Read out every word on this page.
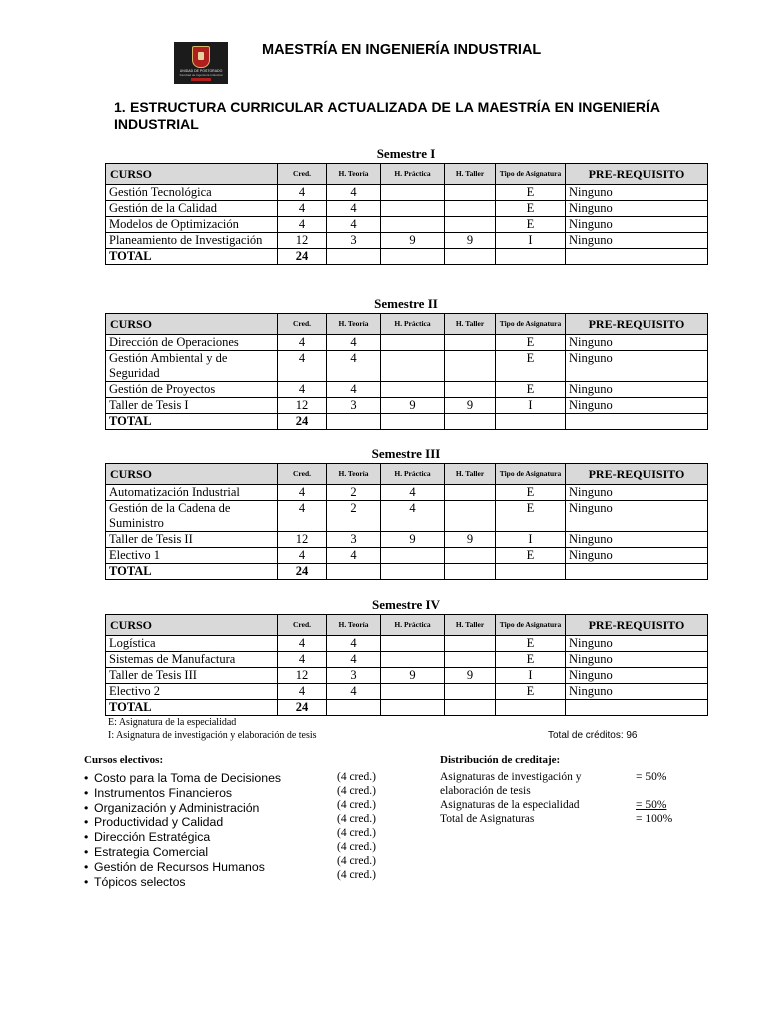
UNIDAD DE POSTGRADO
Facultad de Ingeniería Industrial
MAESTRÍA EN INGENIERÍA INDUSTRIAL
1. ESTRUCTURA CURRICULAR ACTUALIZADA DE LA MAESTRÍA EN INGENIERÍA INDUSTRIAL
Semestre I
CURSO	Cred.	H. Teoría	H. Práctica	H. Taller	Tipo de Asignatura	PRE-REQUISITO
Gestión Tecnológica	4	4			E	Ninguno
Gestión de la Calidad	4	4			E	Ninguno
Modelos de Optimización	4	4			E	Ninguno
Planeamiento de Investigación	12	3	9	9	I	Ninguno
TOTAL	24					
Semestre II
CURSO	Cred.	H. Teoría	H. Práctica	H. Taller	Tipo de Asignatura	PRE-REQUISITO
Dirección de Operaciones	4	4			E	Ninguno
Gestión Ambiental y de Seguridad	4	4			E	Ninguno
Gestión de Proyectos	4	4			E	Ninguno
Taller de Tesis I	12	3	9	9	I	Ninguno
TOTAL	24					
Semestre III
CURSO	Cred.	H. Teoría	H. Práctica	H. Taller	Tipo de Asignatura	PRE-REQUISITO
Automatización Industrial	4	2	4		E	Ninguno
Gestión de la Cadena de Suministro	4	2	4		E	Ninguno
Taller de Tesis II	12	3	9	9	I	Ninguno
Electivo 1	4	4			E	Ninguno
TOTAL	24					
Semestre IV
CURSO	Cred.	H. Teoría	H. Práctica	H. Taller	Tipo de Asignatura	PRE-REQUISITO
Logística	4	4			E	Ninguno
Sistemas de Manufactura	4	4			E	Ninguno
Taller de Tesis III	12	3	9	9	I	Ninguno
Electivo 2	4	4			E	Ninguno
TOTAL	24					
E: Asignatura de la especialidad
I: Asignatura de investigación y elaboración de tesis	Total de créditos: 96
Cursos electivos:
• Costo para la Toma de Decisiones
• Instrumentos Financieros
• Organización y Administración
• Productividad y Calidad
• Dirección Estratégica
• Estrategia Comercial
• Gestión de Recursos Humanos
• Tópicos selectos
(4 cred.)
(4 cred.)
(4 cred.)
(4 cred.)
(4 cred.)
(4 cred.)
(4 cred.)
(4 cred.)
Distribución de creditaje:
Asignaturas de investigación y elaboración de tesis
= 50%
Asignaturas de la especialidad	= 50%
Total de Asignaturas	= 100%
